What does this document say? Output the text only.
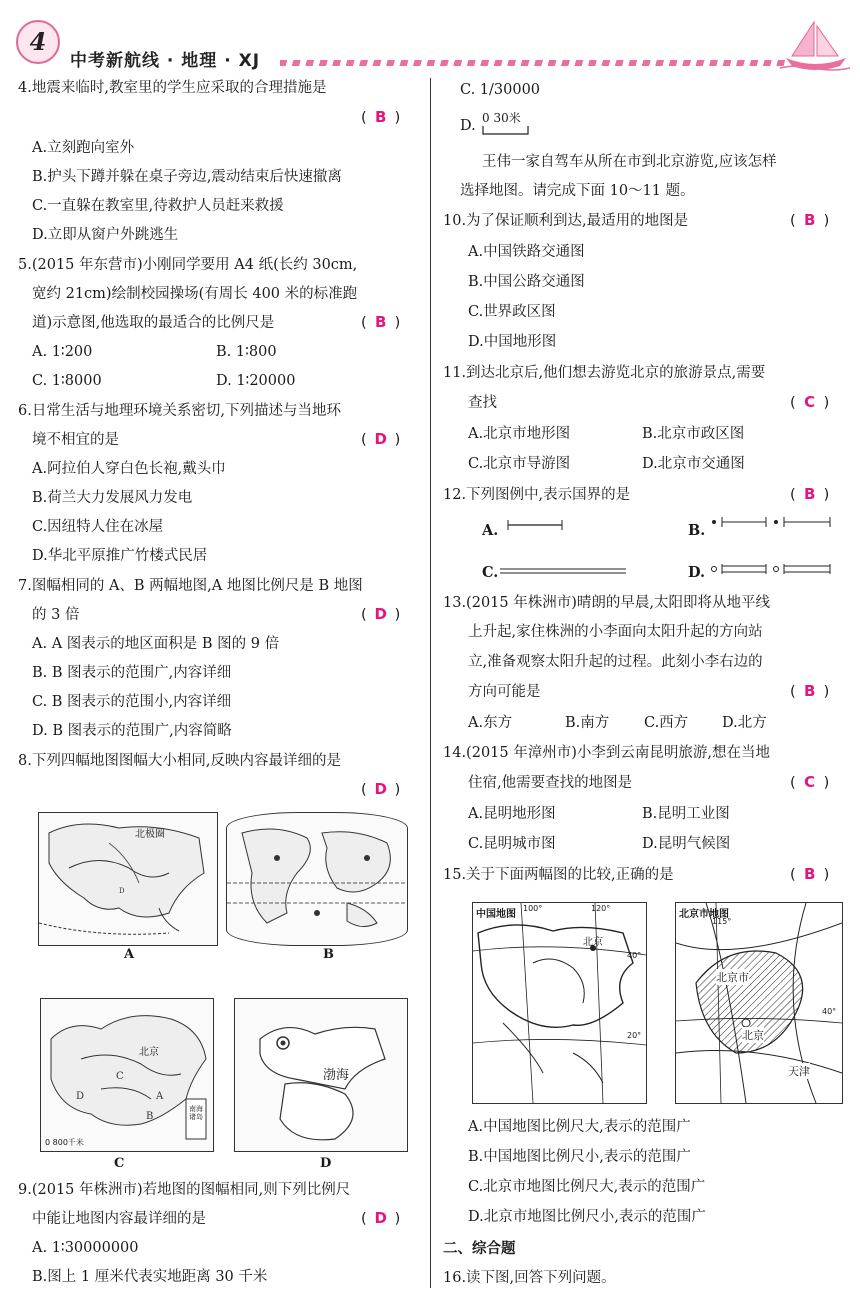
4
中考新航线 · 地理 · XJ
4.地震来临时,教室里的学生应采取的合理措施是
( B )
A.立刻跑向室外
B.护头下蹲并躲在桌子旁边,震动结束后快速撤离
C.一直躲在教室里,待救护人员赶来救援
D.立即从窗户外跳逃生
5.(2015 年东营市)小刚同学要用 A4 纸(长约 30cm,
宽约 21cm)绘制校园操场(有周长 400 米的标准跑
道)示意图,他选取的最适合的比例尺是	( B )
A. 1∶200	B. 1∶800
C. 1∶8000	D. 1∶20000
6.日常生活与地理环境关系密切,下列描述与当地环
境不相宜的是	( D )
A.阿拉伯人穿白色长袍,戴头巾
B.荷兰大力发展风力发电
C.因纽特人住在冰屋
D.华北平原推广竹楼式民居
7.图幅相同的 A、B 两幅地图,A 地图比例尺是 B 地图
的 3 倍	( D )
A. A 图表示的地区面积是 B 图的 9 倍
B. B 图表示的范围广,内容详细
C. B 图表示的范围小,内容详细
D. B 图表示的范围广,内容简略
8.下列四幅地图图幅大小相同,反映内容最详细的是
( D )
D
北极圈
A	B
D
C
B
A
北京
0 800千米
南海诸岛
C
渤海
D
9.(2015 年株洲市)若地图的图幅相同,则下列比例尺
中能让地图内容最详细的是	( D )
A. 1∶30000000
B.图上 1 厘米代表实地距离 30 千米
C. 1/30000
D. 0 30米
王伟一家自驾车从所在市到北京游览,应该怎样
选择地图。请完成下面 10～11 题。
10.为了保证顺利到达,最适用的地图是	( B )
A.中国铁路交通图
B.中国公路交通图
C.世界政区图
D.中国地形图
11.到达北京后,他们想去游览北京的旅游景点,需要
查找	( C )
A.北京市地形图	B.北京市政区图
C.北京市导游图	D.北京市交通图
12.下列图例中,表示国界的是	( B )
A.	B.
C.	D.
13.(2015 年株洲市)晴朗的早晨,太阳即将从地平线
上升起,家住株洲的小李面向太阳升起的方向站
立,准备观察太阳升起的过程。此刻小李右边的
方向可能是	( B )
A.东方	B.南方 C.西方 D.北方
14.(2015 年漳州市)小李到云南昆明旅游,想在当地
住宿,他需要查找的地图是	( C )
A.昆明地形图	B.昆明工业图
C.昆明城市图	D.昆明气候图
15.关于下面两幅图的比较,正确的是	( B )
中国地图
100°	120°
40°
20°
北京
北京市地图
115°
40°
北京市
北京
天津
A.中国地图比例尺大,表示的范围广
B.中国地图比例尺小,表示的范围广
C.北京市地图比例尺大,表示的范围广
D.北京市地图比例尺小,表示的范围广
二、综合题
16.读下图,回答下列问题。
